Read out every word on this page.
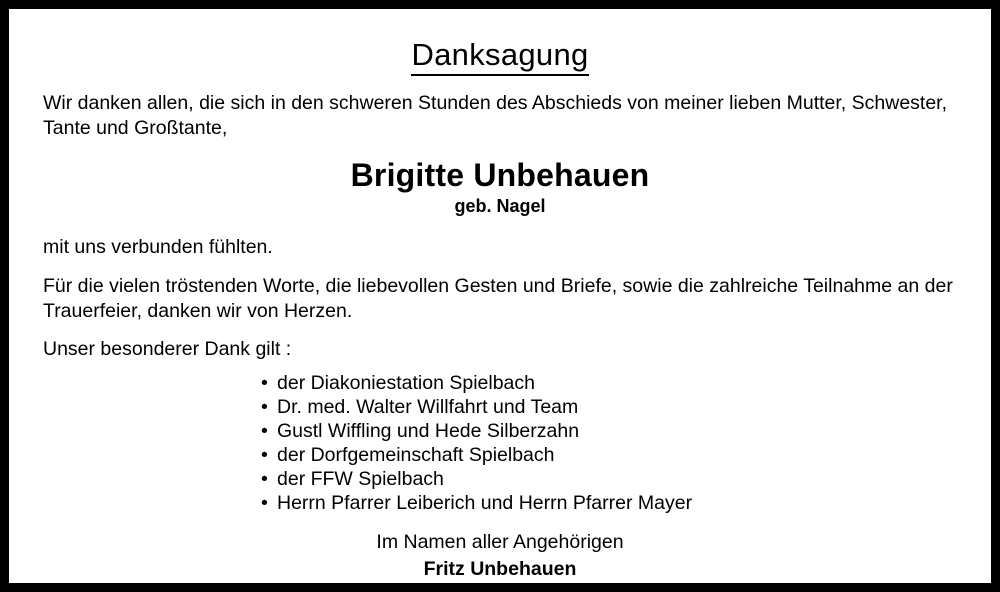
Danksagung

Wir danken allen, die sich in den schweren Stunden des Abschieds von meiner lieben Mutter, Schwester, Tante und Großtante,

Brigitte Unbehauen
geb. Nagel

mit uns verbunden fühlten.

Für die vielen tröstenden Worte, die liebevollen Gesten und Briefe, sowie die zahlreiche Teilnahme an der Trauerfeier, danken wir von Herzen.

Unser besonderer Dank gilt :

• der Diakoniestation Spielbach
• Dr. med. Walter Willfahrt und Team
• Gustl Wiffling und Hede Silberzahn
• der Dorfgemeinschaft Spielbach
• der FFW Spielbach
• Herrn Pfarrer Leiberich und Herrn Pfarrer Mayer
Im Namen aller Angehörigen
Fritz Unbehauen
